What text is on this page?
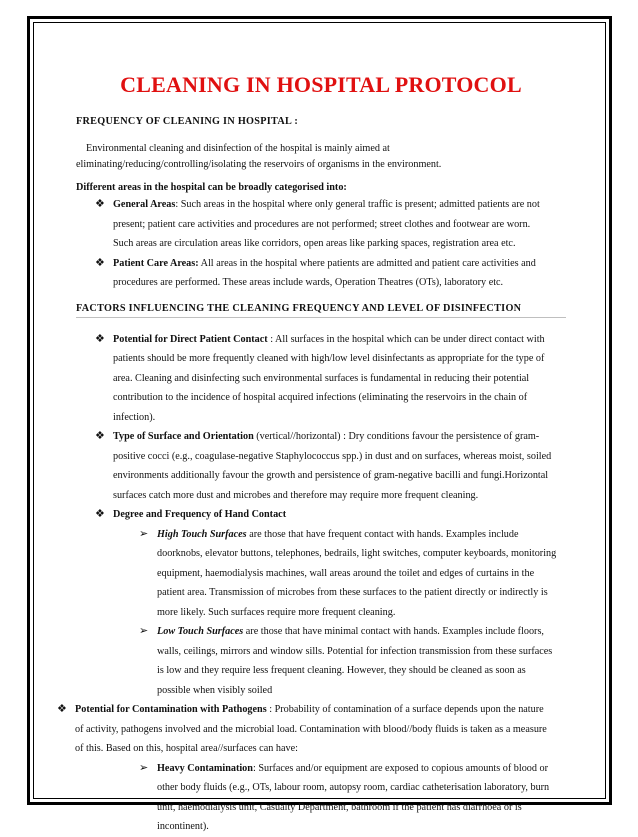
CLEANING IN HOSPITAL PROTOCOL
FREQUENCY OF CLEANING IN HOSPITAL :
Environmental cleaning and disinfection of the hospital is mainly aimed at
eliminating/reducing/controlling/isolating the reservoirs of organisms in the environment.
Different areas in the hospital can be broadly categorised into:
❖ General Areas: Such areas in the hospital where only general traffic is present; admitted patients are not
present; patient care activities and procedures are not performed; street clothes and footwear are worn.
Such areas are circulation areas like corridors, open areas like parking spaces, registration area etc.
❖ Patient Care Areas: All areas in the hospital where patients are admitted and patient care activities and
procedures are performed. These areas include wards, Operation Theatres (OTs), laboratory etc.
FACTORS INFLUENCING THE CLEANING FREQUENCY AND LEVEL OF DISINFECTION
❖ Potential for Direct Patient Contact : All surfaces in the hospital which can be under direct contact with
patients should be more frequently cleaned with high/low level disinfectants as appropriate for the type of
area. Cleaning and disinfecting such environmental surfaces is fundamental in reducing their potential
contribution to the incidence of hospital acquired infections (eliminating the reservoirs in the chain of
infection).
❖ Type of Surface and Orientation (vertical//horizontal) : Dry conditions favour the persistence of gram-
positive cocci (e.g., coagulase-negative Staphylococcus spp.) in dust and on surfaces, whereas moist, soiled
environments additionally favour the growth and persistence of gram-negative bacilli and fungi.Horizontal
surfaces catch more dust and microbes and therefore may require more frequent cleaning.
❖ Degree and Frequency of Hand Contact
➢ High Touch Surfaces are those that have frequent contact with hands. Examples include
doorknobs, elevator buttons, telephones, bedrails, light switches, computer keyboards, monitoring
equipment, haemodialysis machines, wall areas around the toilet and edges of curtains in the
patient area. Transmission of microbes from these surfaces to the patient directly or indirectly is
more likely. Such surfaces require more frequent cleaning.
➢ Low Touch Surfaces are those that have minimal contact with hands. Examples include floors,
walls, ceilings, mirrors and window sills. Potential for infection transmission from these surfaces
is low and they require less frequent cleaning. However, they should be cleaned as soon as
possible when visibly soiled
❖ Potential for Contamination with Pathogens : Probability of contamination of a surface depends upon the nature
of activity, pathogens involved and the microbial load. Contamination with blood//body fluids is taken as a measure
of this. Based on this, hospital area//surfaces can have:
➢ Heavy Contamination: Surfaces and/or equipment are exposed to copious amounts of blood or
other body fluids (e.g., OTs, labour room, autopsy room, cardiac catheterisation laboratory, burn
unit, haemodialysis unit, Casualty Department, bathroom if the patient has diarrhoea or is
incontinent).
